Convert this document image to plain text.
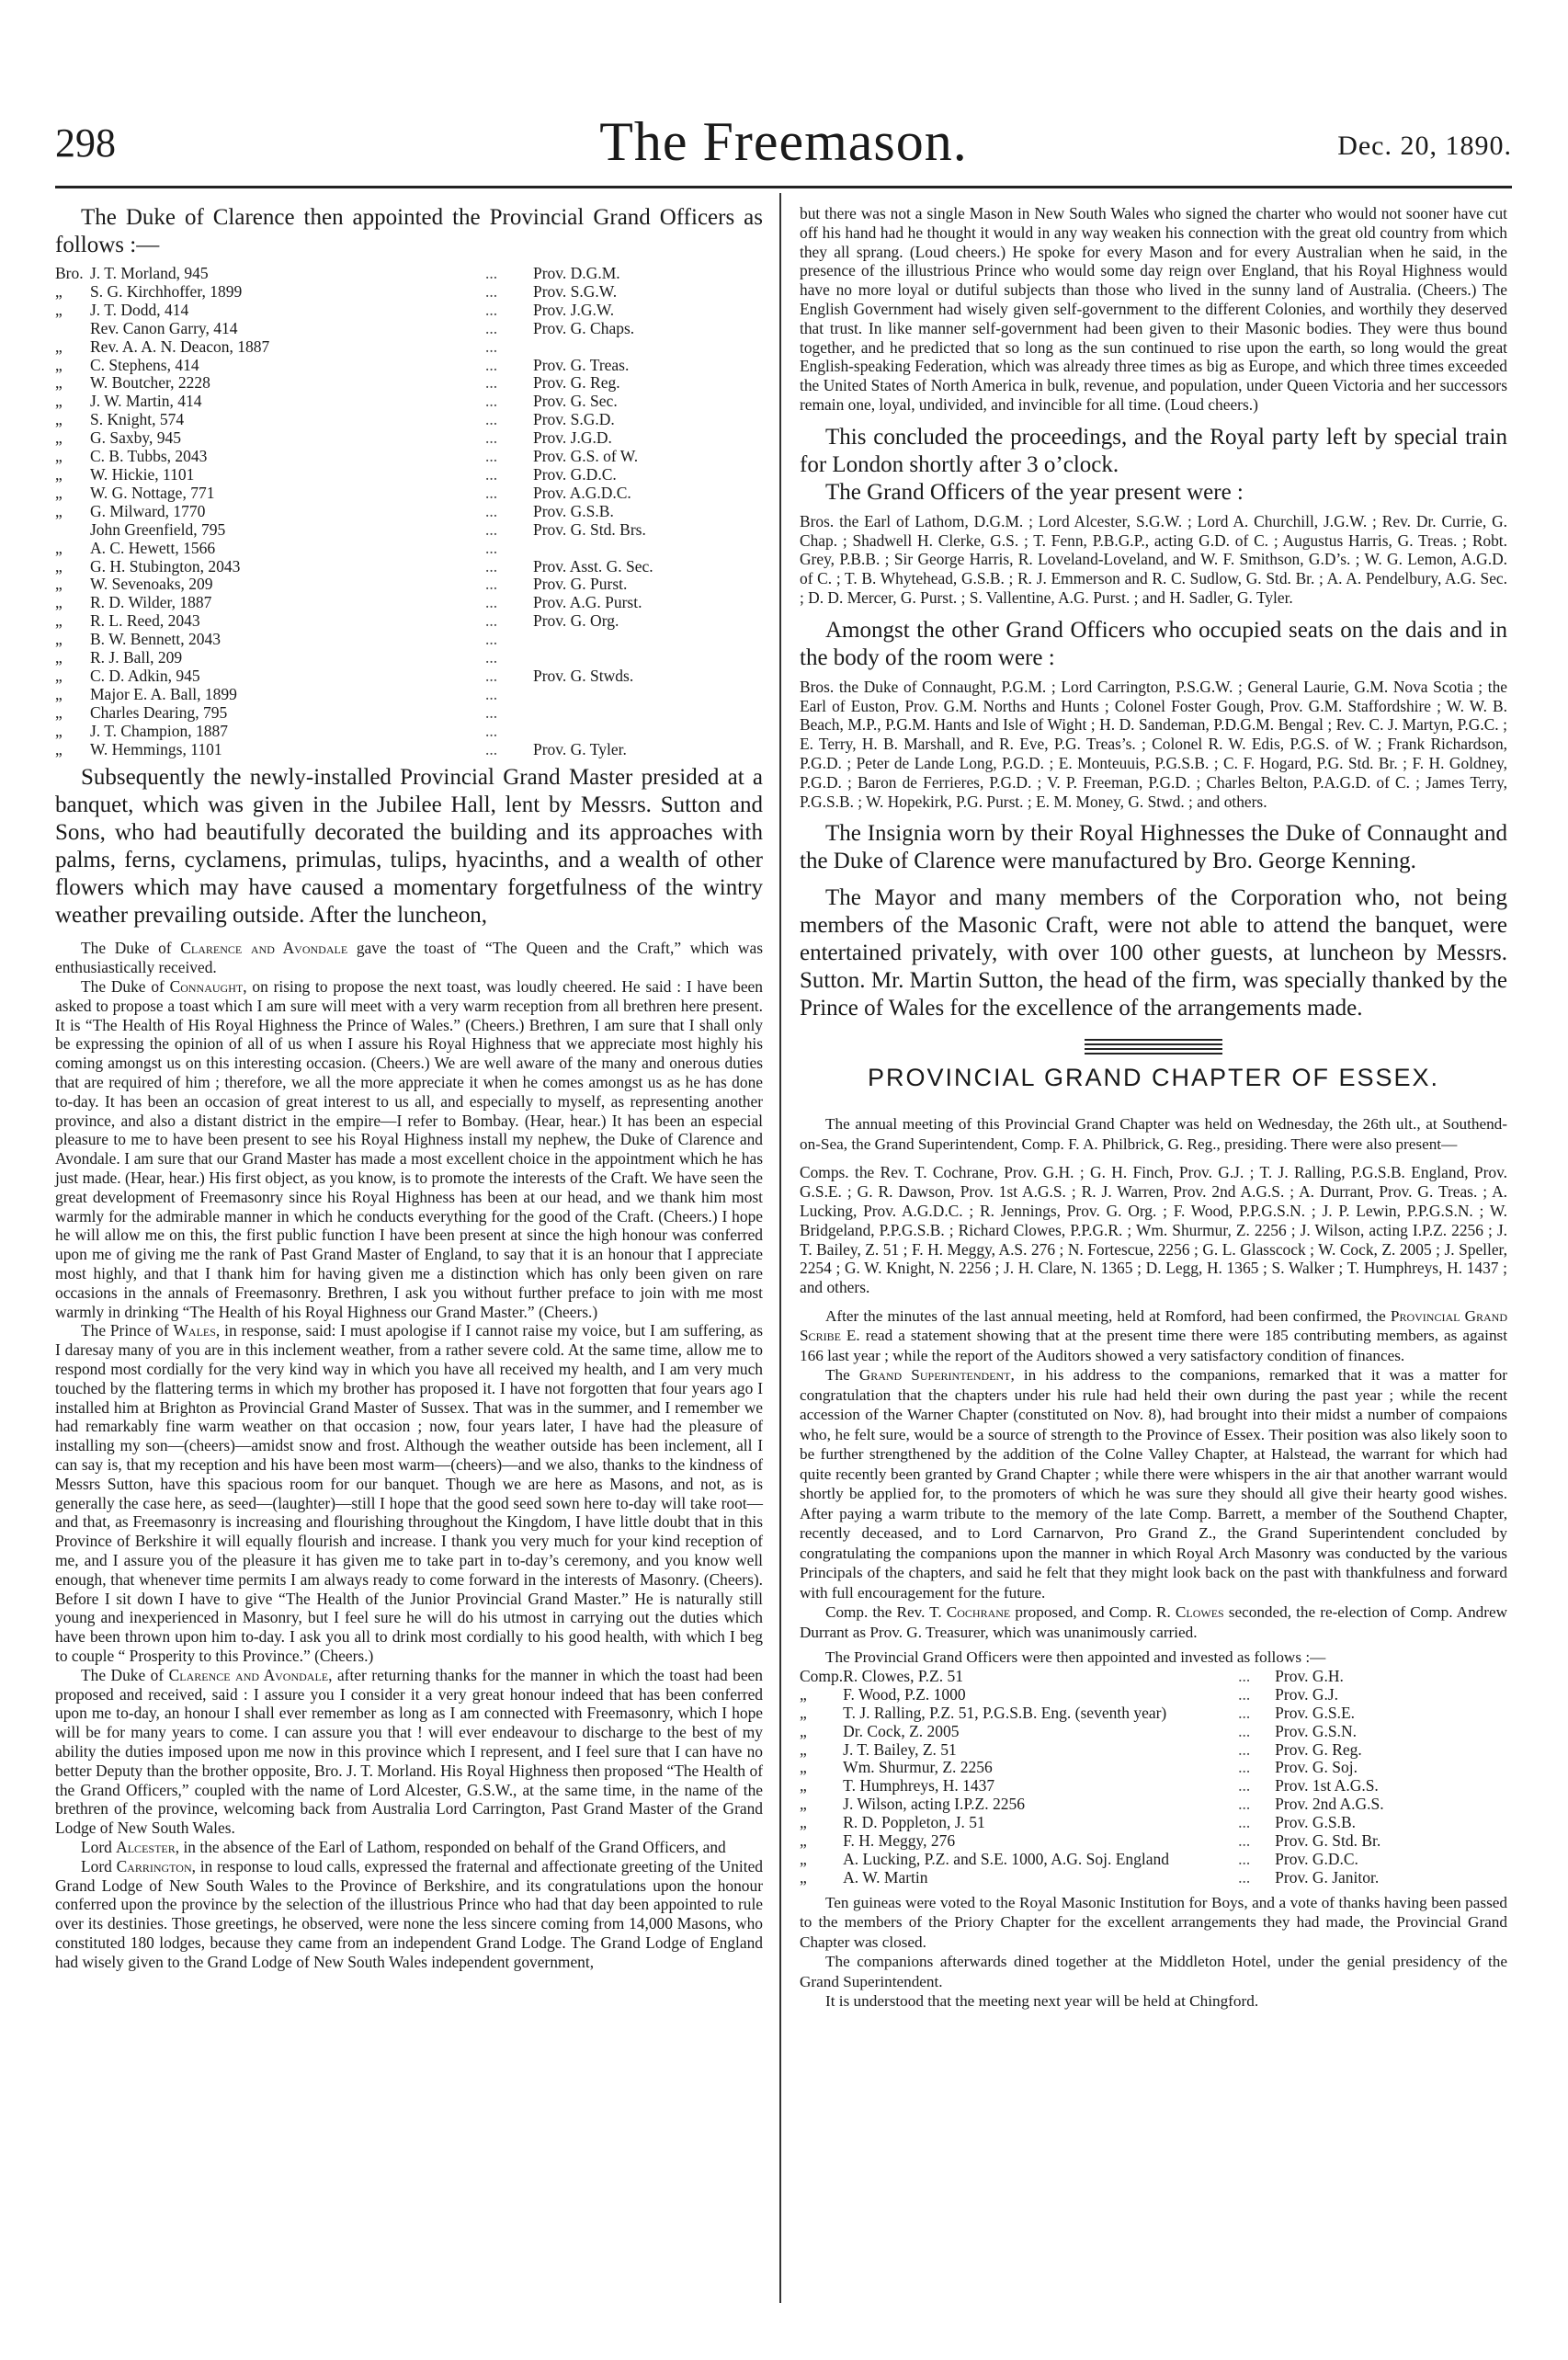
298	The Freemason.	Dec. 20, 1890.

The Duke of Clarence then appointed the Provincial Grand Officers as follows :—

Bro.	J. T. Morland, 945	...	Prov. D.G.M.
„	S. G. Kirchhoffer, 1899	...	Prov. S.G.W.
„	J. T. Dodd, 414	...	Prov. J.G.W.
	Rev. Canon Garry, 414	...	Prov. G. Chaps.
„	Rev. A. A. N. Deacon, 1887	...	
„	C. Stephens, 414	...	Prov. G. Treas.
„	W. Boutcher, 2228	...	Prov. G. Reg.
„	J. W. Martin, 414	...	Prov. G. Sec.
„	S. Knight, 574	...	Prov. S.G.D.
„	G. Saxby, 945	...	Prov. J.G.D.
„	C. B. Tubbs, 2043	...	Prov. G.S. of W.
„	W. Hickie, 1101	...	Prov. G.D.C.
„	W. G. Nottage, 771	...	Prov. A.G.D.C.
„	G. Milward, 1770	...	Prov. G.S.B.
	John Greenfield, 795	...	Prov. G. Std. Brs.
„	A. C. Hewett, 1566	...	
„	G. H. Stubington, 2043	...	Prov. Asst. G. Sec.
„	W. Sevenoaks, 209	...	Prov. G. Purst.
„	R. D. Wilder, 1887	...	Prov. A.G. Purst.
„	R. L. Reed, 2043	...	Prov. G. Org.
„	B. W. Bennett, 2043	...	
„	R. J. Ball, 209	...	
„	C. D. Adkin, 945	...	Prov. G. Stwds.
„	Major E. A. Ball, 1899	...	
„	Charles Dearing, 795	...	
„	J. T. Champion, 1887	...	
„	W. Hemmings, 1101	...	Prov. G. Tyler.

Subsequently the newly-installed Provincial Grand Master presided at a banquet, which was given in the Jubilee Hall, lent by Messrs. Sutton and Sons, who had beautifully decorated the building and its approaches with palms, ferns, cyclamens, primulas, tulips, hyacinths, and a wealth of other flowers which may have caused a momentary forgetfulness of the wintry weather prevailing outside. After the luncheon,

The Duke of Clarence and Avondale gave the toast of “The Queen and the Craft,” which was enthusiastically received.

The Duke of Connaught, on rising to propose the next toast, was loudly cheered. He said : I have been asked to propose a toast which I am sure will meet with a very warm reception from all brethren here present. It is “The Health of His Royal Highness the Prince of Wales.” (Cheers.) Brethren, I am sure that I shall only be expressing the opinion of all of us when I assure his Royal Highness that we appreciate most highly his coming amongst us on this interesting occasion. (Cheers.) We are well aware of the many and onerous duties that are required of him ; therefore, we all the more appreciate it when he comes amongst us as he has done to-day. It has been an occasion of great interest to us all, and especially to myself, as representing another province, and also a distant district in the empire—I refer to Bombay. (Hear, hear.) It has been an especial pleasure to me to have been present to see his Royal Highness install my nephew, the Duke of Clarence and Avondale. I am sure that our Grand Master has made a most excellent choice in the appointment which he has just made. (Hear, hear.) His first object, as you know, is to promote the interests of the Craft. We have seen the great development of Freemasonry since his Royal Highness has been at our head, and we thank him most warmly for the admirable manner in which he conducts everything for the good of the Craft. (Cheers.) I hope he will allow me on this, the first public function I have been present at since the high honour was conferred upon me of giving me the rank of Past Grand Master of England, to say that it is an honour that I appreciate most highly, and that I thank him for having given me a distinction which has only been given on rare occasions in the annals of Freemasonry. Brethren, I ask you without further preface to join with me most warmly in drinking “The Health of his Royal Highness our Grand Master.” (Cheers.)

The Prince of Wales, in response, said: I must apologise if I cannot raise my voice, but I am suffering, as I daresay many of you are in this inclement weather, from a rather severe cold. At the same time, allow me to respond most cordially for the very kind way in which you have all received my health, and I am very much touched by the flattering terms in which my brother has proposed it. I have not forgotten that four years ago I installed him at Brighton as Provincial Grand Master of Sussex. That was in the summer, and I remember we had remarkably fine warm weather on that occasion ; now, four years later, I have had the pleasure of installing my son—(cheers)—amidst snow and frost. Although the weather outside has been inclement, all I can say is, that my reception and his have been most warm—(cheers)—and we also, thanks to the kindness of Messrs Sutton, have this spacious room for our banquet. Though we are here as Masons, and not, as is generally the case here, as seed—(laughter)—still I hope that the good seed sown here to-day will take root—and that, as Freemasonry is increasing and flourishing throughout the Kingdom, I have little doubt that in this Province of Berkshire it will equally flourish and increase. I thank you very much for your kind reception of me, and I assure you of the pleasure it has given me to take part in to-day’s ceremony, and you know well enough, that whenever time permits I am always ready to come forward in the interests of Masonry. (Cheers). Before I sit down I have to give “The Health of the Junior Provincial Grand Master.” He is naturally still young and inexperienced in Masonry, but I feel sure he will do his utmost in carrying out the duties which have been thrown upon him to-day. I ask you all to drink most cordially to his good health, with which I beg to couple “ Prosperity to this Province.” (Cheers.)

The Duke of Clarence and Avondale, after returning thanks for the manner in which the toast had been proposed and received, said : I assure you I consider it a very great honour indeed that has been conferred upon me to-day, an honour I shall ever remember as long as I am connected with Freemasonry, which I hope will be for many years to come. I can assure you that ! will ever endeavour to discharge to the best of my ability the duties imposed upon me now in this province which I represent, and I feel sure that I can have no better Deputy than the brother opposite, Bro. J. T. Morland. His Royal Highness then proposed “The Health of the Grand Officers,” coupled with the name of Lord Alcester, G.S.W., at the same time, in the name of the brethren of the province, welcoming back from Australia Lord Carrington, Past Grand Master of the Grand Lodge of New South Wales.

Lord Alcester, in the absence of the Earl of Lathom, responded on behalf of the Grand Officers, and

Lord Carrington, in response to loud calls, expressed the fraternal and affectionate greeting of the United Grand Lodge of New South Wales to the Province of Berkshire, and its congratulations upon the honour conferred upon the province by the selection of the illustrious Prince who had that day been appointed to rule over its destinies. Those greetings, he observed, were none the less sincere coming from 14,000 Masons, who constituted 180 lodges, because they came from an independent Grand Lodge. The Grand Lodge of England had wisely given to the Grand Lodge of New South Wales independent government,

but there was not a single Mason in New South Wales who signed the charter who would not sooner have cut off his hand had he thought it would in any way weaken his connection with the great old country from which they all sprang. (Loud cheers.) He spoke for every Mason and for every Australian when he said, in the presence of the illustrious Prince who would some day reign over England, that his Royal Highness would have no more loyal or dutiful subjects than those who lived in the sunny land of Australia. (Cheers.) The English Government had wisely given self-government to the different Colonies, and worthily they deserved that trust. In like manner self-government had been given to their Masonic bodies. They were thus bound together, and he predicted that so long as the sun continued to rise upon the earth, so long would the great English-speaking Federation, which was already three times as big as Europe, and which three times exceeded the United States of North America in bulk, revenue, and population, under Queen Victoria and her successors remain one, loyal, undivided, and invincible for all time. (Loud cheers.)

This concluded the proceedings, and the Royal party left by special train for London shortly after 3 o’clock.

The Grand Officers of the year present were :

Bros. the Earl of Lathom, D.G.M. ; Lord Alcester, S.G.W. ; Lord A. Churchill, J.G.W. ; Rev. Dr. Currie, G. Chap. ; Shadwell H. Clerke, G.S. ; T. Fenn, P.B.G.P., acting G.D. of C. ; Augustus Harris, G. Treas. ; Robt. Grey, P.B.B. ; Sir George Harris, R. Loveland-Loveland, and W. F. Smithson, G.D’s. ; W. G. Lemon, A.G.D. of C. ; T. B. Whytehead, G.S.B. ; R. J. Emmerson and R. C. Sudlow, G. Std. Br. ; A. A. Pendelbury, A.G. Sec. ; D. D. Mercer, G. Purst. ; S. Vallentine, A.G. Purst. ; and H. Sadler, G. Tyler.

Amongst the other Grand Officers who occupied seats on the dais and in the body of the room were :

Bros. the Duke of Connaught, P.G.M. ; Lord Carrington, P.S.G.W. ; General Laurie, G.M. Nova Scotia ; the Earl of Euston, Prov. G.M. Norths and Hunts ; Colonel Foster Gough, Prov. G.M. Staffordshire ; W. W. B. Beach, M.P., P.G.M. Hants and Isle of Wight ; H. D. Sandeman, P.D.G.M. Bengal ; Rev. C. J. Martyn, P.G.C. ; E. Terry, H. B. Marshall, and R. Eve, P.G. Treas’s. ; Colonel R. W. Edis, P.G.S. of W. ; Frank Richardson, P.G.D. ; Peter de Lande Long, P.G.D. ; E. Monteuuis, P.G.S.B. ; C. F. Hogard, P.G. Std. Br. ; F. H. Goldney, P.G.D. ; Baron de Ferrieres, P.G.D. ; V. P. Freeman, P.G.D. ; Charles Belton, P.A.G.D. of C. ; James Terry, P.G.S.B. ; W. Hopekirk, P.G. Purst. ; E. M. Money, G. Stwd. ; and others.

The Insignia worn by their Royal Highnesses the Duke of Connaught and the Duke of Clarence were manufactured by Bro. George Kenning.

The Mayor and many members of the Corporation who, not being members of the Masonic Craft, were not able to attend the banquet, were entertained privately, with over 100 other guests, at luncheon by Messrs. Sutton. Mr. Martin Sutton, the head of the firm, was specially thanked by the Prince of Wales for the excellence of the arrangements made.

PROVINCIAL GRAND CHAPTER OF ESSEX.

The annual meeting of this Provincial Grand Chapter was held on Wednesday, the 26th ult., at Southend-on-Sea, the Grand Superintendent, Comp. F. A. Philbrick, G. Reg., presiding. There were also present—

Comps. the Rev. T. Cochrane, Prov. G.H. ; G. H. Finch, Prov. G.J. ; T. J. Ralling, P.G.S.B. England, Prov. G.S.E. ; G. R. Dawson, Prov. 1st A.G.S. ; R. J. Warren, Prov. 2nd A.G.S. ; A. Durrant, Prov. G. Treas. ; A. Lucking, Prov. A.G.D.C. ; R. Jennings, Prov. G. Org. ; F. Wood, P.P.G.S.N. ; J. P. Lewin, P.P.G.S.N. ; W. Bridgeland, P.P.G.S.B. ; Richard Clowes, P.P.G.R. ; Wm. Shurmur, Z. 2256 ; J. Wilson, acting I.P.Z. 2256 ; J. T. Bailey, Z. 51 ; F. H. Meggy, A.S. 276 ; N. Fortescue, 2256 ; G. L. Glasscock ; W. Cock, Z. 2005 ; J. Speller, 2254 ; G. W. Knight, N. 2256 ; J. H. Clare, N. 1365 ; D. Legg, H. 1365 ; S. Walker ; T. Humphreys, H. 1437 ; and others.

After the minutes of the last annual meeting, held at Romford, had been confirmed, the Provincial Grand Scribe E. read a statement showing that at the present time there were 185 contributing members, as against 166 last year ; while the report of the Auditors showed a very satisfactory condition of finances.

The Grand Superintendent, in his address to the companions, remarked that it was a matter for congratulation that the chapters under his rule had held their own during the past year ; while the recent accession of the Warner Chapter (constituted on Nov. 8), had brought into their midst a number of compaions who, he felt sure, would be a source of strength to the Province of Essex. Their position was also likely soon to be further strengthened by the addition of the Colne Valley Chapter, at Halstead, the warrant for which had quite recently been granted by Grand Chapter ; while there were whispers in the air that another warrant would shortly be applied for, to the promoters of which he was sure they should all give their hearty good wishes. After paying a warm tribute to the memory of the late Comp. Barrett, a member of the Southend Chapter, recently deceased, and to Lord Carnarvon, Pro Grand Z., the Grand Superintendent concluded by congratulating the companions upon the manner in which Royal Arch Masonry was conducted by the various Principals of the chapters, and said he felt that they might look back on the past with thankfulness and forward with full encouragement for the future.

Comp. the Rev. T. Cochrane proposed, and Comp. R. Clowes seconded, the re-election of Comp. Andrew Durrant as Prov. G. Treasurer, which was unanimously carried.

The Provincial Grand Officers were then appointed and invested as follows :—

Comp.	R. Clowes, P.Z. 51	...	Prov. G.H.
„	F. Wood, P.Z. 1000	...	Prov. G.J.
„	T. J. Ralling, P.Z. 51, P.G.S.B. Eng. (seventh year)	...	Prov. G.S.E.
„	Dr. Cock, Z. 2005	...	Prov. G.S.N.
„	J. T. Bailey, Z. 51	...	Prov. G. Reg.
„	Wm. Shurmur, Z. 2256	...	Prov. G. Soj.
„	T. Humphreys, H. 1437	...	Prov. 1st A.G.S.
„	J. Wilson, acting I.P.Z. 2256	...	Prov. 2nd A.G.S.
„	R. D. Poppleton, J. 51	...	Prov. G.S.B.
„	F. H. Meggy, 276	...	Prov. G. Std. Br.
„	A. Lucking, P.Z. and S.E. 1000, A.G. Soj. England	...	Prov. G.D.C.
„	A. W. Martin	...	Prov. G. Janitor.

Ten guineas were voted to the Royal Masonic Institution for Boys, and a vote of thanks having been passed to the members of the Priory Chapter for the excellent arrangements they had made, the Provincial Grand Chapter was closed.

The companions afterwards dined together at the Middleton Hotel, under the genial presidency of the Grand Superintendent.

It is understood that the meeting next year will be held at Chingford.
